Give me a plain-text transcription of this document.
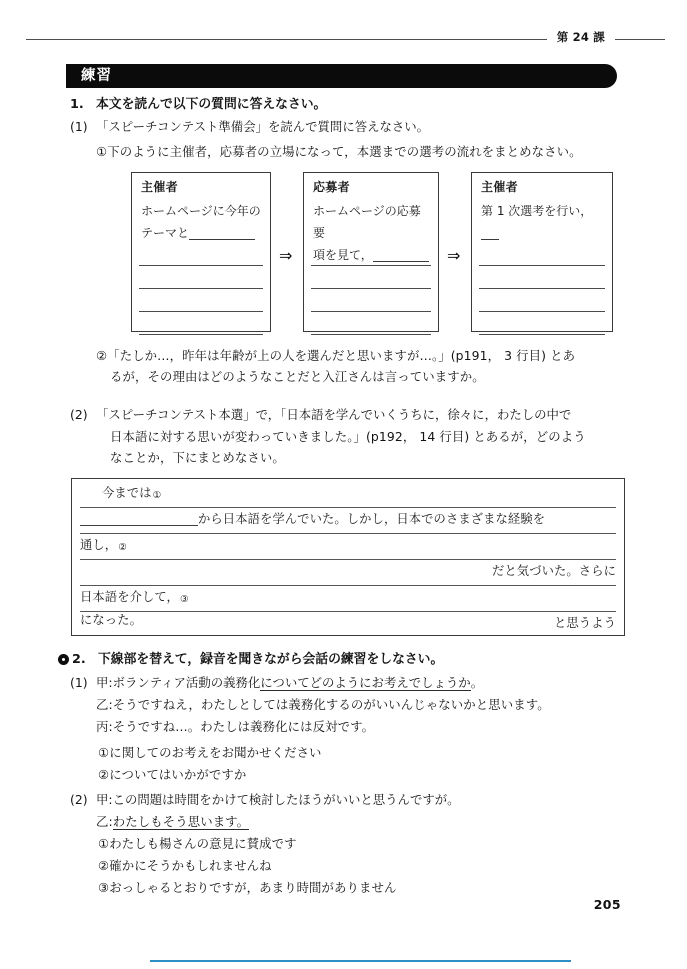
第 24 課
練習
1. 本文を読んで以下の質問に答えなさい。
(1) 「スピーチコンテスト準備会」を読んで質問に答えなさい。
①下のように主催者，応募者の立場になって，本選までの選考の流れをまとめなさい。
主催者
ホームページに今年の
テーマと
⇒
応募者
ホームページの応募要
項を見て，	⇒
主催者
第 1 次選考を行い，
②「たしか…，昨年は年齢が上の人を選んだと思いますが…。」(p191， 3 行目) とあ
るが，その理由はどのようなことだと入江さんは言っていますか。
(2) 「スピーチコンテスト本選」で，「日本語を学んでいくうちに，徐々に，わたしの中で
日本語に対する思いが変わっていきました。」(p192， 14 行目) とあるが，どのよう
なことか，下にまとめなさい。
今までは①
から日本語を学んでいた。しかし，日本でのさまざまな経験を
通し，②
だと気づいた。さらに
日本語を介して，③
と思うよう
になった。
2. 下線部を替えて，録音を聞きながら会話の練習をしなさい。
(1) 甲:ボランティア活動の義務化についてどのようにお考えでしょうか。
乙:そうですねえ，わたしとしては義務化するのがいいんじゃないかと思います。
丙:そうですね…。わたしは義務化には反対です。
①に関してのお考えをお聞かせください
②についてはいかがですか
(2) 甲:この問題は時間をかけて検討したほうがいいと思うんですが。
乙:わたしもそう思います。
①わたしも楊さんの意見に賛成です
②確かにそうかもしれませんね
③おっしゃるとおりですが，あまり時間がありません
205
